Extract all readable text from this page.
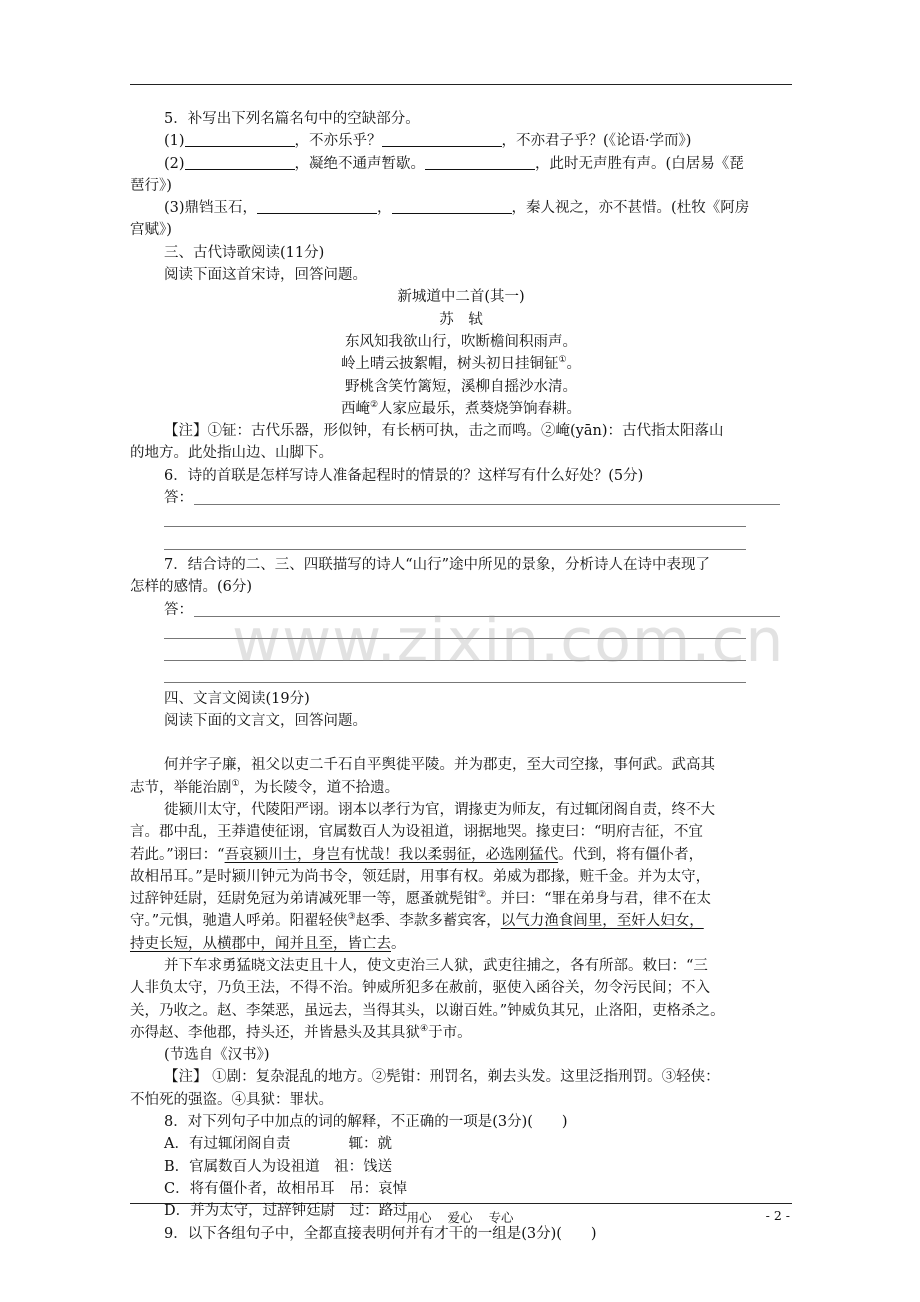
5．补写出下列名篇名句中的空缺部分。

(1)	，不亦乐乎？	，不亦君子乎？(《论语·学而》)

(2)	，凝绝不通声暂歇。	，此时无声胜有声。(白居易《琵

琶行》)

(3)鼎铛玉石，	，	，秦人视之，亦不甚惜。(杜牧《阿房

宫赋》)

三、古代诗歌阅读(11分)

阅读下面这首宋诗，回答问题。

新城道中二首(其一)

苏　轼

东风知我欲山行，吹断檐间积雨声。

岭上晴云披絮帽，树头初日挂铜钲①。

野桃含笑竹篱短，溪柳自摇沙水清。

西崦②人家应最乐，煮葵烧笋饷春耕。

【注】①钲：古代乐器，形似钟，有长柄可执，击之而鸣。②崦(yān)：古代指太阳落山

的地方。此处指山边、山脚下。

6．诗的首联是怎样写诗人准备起程时的情景的？这样写有什么好处？(5分)

答：

7．结合诗的二、三、四联描写的诗人“山行”途中所见的景象，分析诗人在诗中表现了

怎样的感情。(6分)

答：

四、文言文阅读(19分)

阅读下面的文言文，回答问题。

何并字子廉，祖父以吏二千石自平舆徙平陵。并为郡吏，至大司空掾，事何武。武高其

志节，举能治剧①，为长陵令，道不拾遗。

徙颍川太守，代陵阳严诩。诩本以孝行为官，谓掾吏为师友，有过辄闭阁自责，终不大

言。郡中乱，王莽遣使征诩，官属数百人为设祖道，诩据地哭。掾吏曰：“明府吉征，不宜

若此。”诩曰：“吾哀颍川士，身岂有忧哉！我以柔弱征，必选刚猛代。代到，将有僵仆者，

故相吊耳。”是时颍川钟元为尚书令，领廷尉，用事有权。弟威为郡掾，赃千金。并为太守，

过辞钟廷尉，廷尉免冠为弟请减死罪一等，愿蚤就髡钳②。并曰：“罪在弟身与君，律不在太

守。”元惧，驰遣人呼弟。阳翟轻侠③赵季、李款多蓄宾客，以气力渔食闾里，至奸人妇女，

持吏长短，从横郡中，闻并且至，皆亡去。

并下车求勇猛晓文法吏且十人，使文吏治三人狱，武吏往捕之，各有所部。敕曰：“三

人非负太守，乃负王法，不得不治。钟威所犯多在赦前，驱使入函谷关，勿令污民间；不入

关，乃收之。赵、李桀恶，虽远去，当得其头，以谢百姓。”钟威负其兄，止洛阳，吏格杀之。

亦得赵、李他郡，持头还，并皆悬头及其具狱④于市。

(节选自《汉书》)

【注】 ①剧：复杂混乱的地方。②髡钳：刑罚名，剃去头发。这里泛指刑罚。③轻侠：

不怕死的强盗。④具狱：罪状。

8．对下列句子中加点的词的解释，不正确的一项是(3分)(　　)

A．有过辄闭阁自责　　　　辄：就

B．官属数百人为设祖道　祖：饯送

C．将有僵仆者，故相吊耳　吊：哀悼

D．并为太守，过辞钟廷尉　过：路过

9．以下各组句子中，全都直接表明何并有才干的一组是(3分)(　　)

www.zixin.com.cn
用心 爱心 专心	- 2 -
